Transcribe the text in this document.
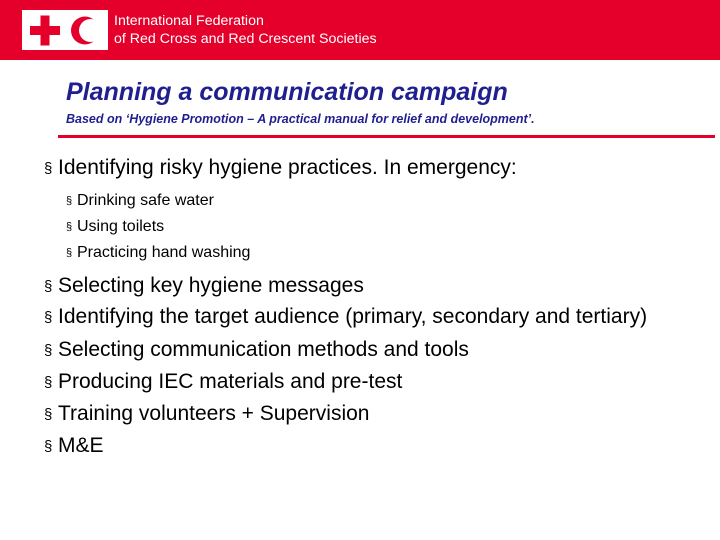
International Federation
of Red Cross and Red Crescent Societies
Planning a communication campaign
Based on ‘Hygiene Promotion – A practical manual for relief and development’.

§ Identifying risky hygiene practices. In emergency:

§ Drinking safe water

§ Using toilets

§ Practicing hand washing

§ Selecting key hygiene messages

§ Identifying the target audience (primary, secondary and tertiary)

§ Selecting communication methods and tools

§ Producing IEC materials and pre-test

§ Training volunteers + Supervision

§ M&E
